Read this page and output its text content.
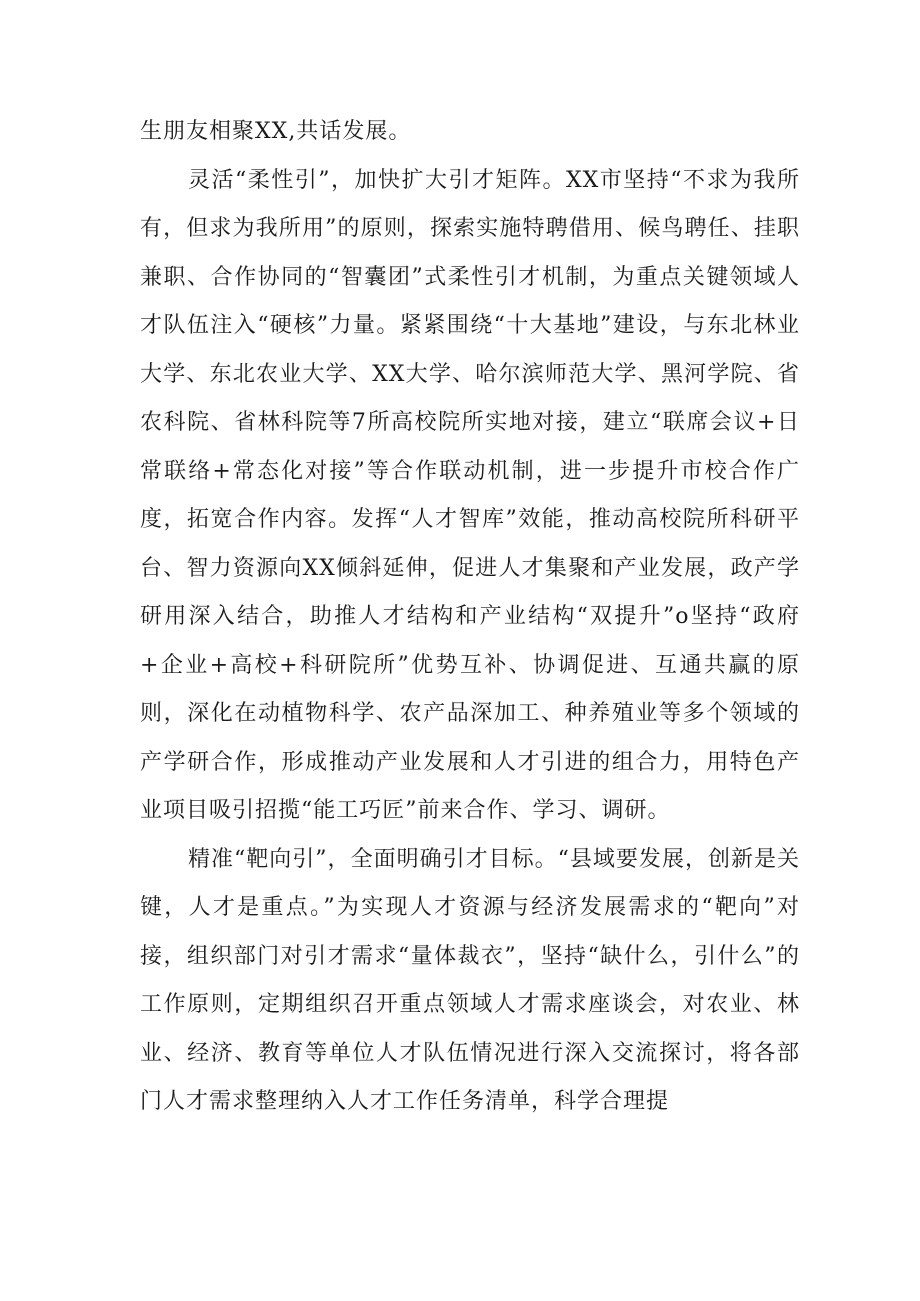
生朋友相聚XX,共话发展。

灵活“柔性引”，加快扩大引才矩阵。XX市坚持“不求为我所有，但求为我所用”的原则，探索实施特聘借用、候鸟聘任、挂职兼职、合作协同的“智囊团”式柔性引才机制，为重点关键领域人才队伍注入“硬核”力量。紧紧围绕“十大基地”建设，与东北林业大学、东北农业大学、XX大学、哈尔滨师范大学、黑河学院、省农科院、省林科院等7所高校院所实地对接，建立“联席会议+日常联络+常态化对接”等合作联动机制，进一步提升市校合作广度，拓宽合作内容。发挥“人才智库”效能，推动高校院所科研平台、智力资源向XX倾斜延伸，促进人才集聚和产业发展，政产学研用深入结合，助推人才结构和产业结构“双提升”o坚持“政府+企业+高校+科研院所”优势互补、协调促进、互通共赢的原则，深化在动植物科学、农产品深加工、种养殖业等多个领域的产学研合作，形成推动产业发展和人才引进的组合力，用特色产业项目吸引招揽“能工巧匠”前来合作、学习、调研。

精准“靶向引”，全面明确引才目标。“县域要发展，创新是关键，人才是重点。”为实现人才资源与经济发展需求的“靶向”对接，组织部门对引才需求“量体裁衣”，坚持“缺什么，引什么”的工作原则，定期组织召开重点领域人才需求座谈会，对农业、林业、经济、教育等单位人才队伍情况进行深入交流探讨，将各部门人才需求整理纳入人才工作任务清单，科学合理提
